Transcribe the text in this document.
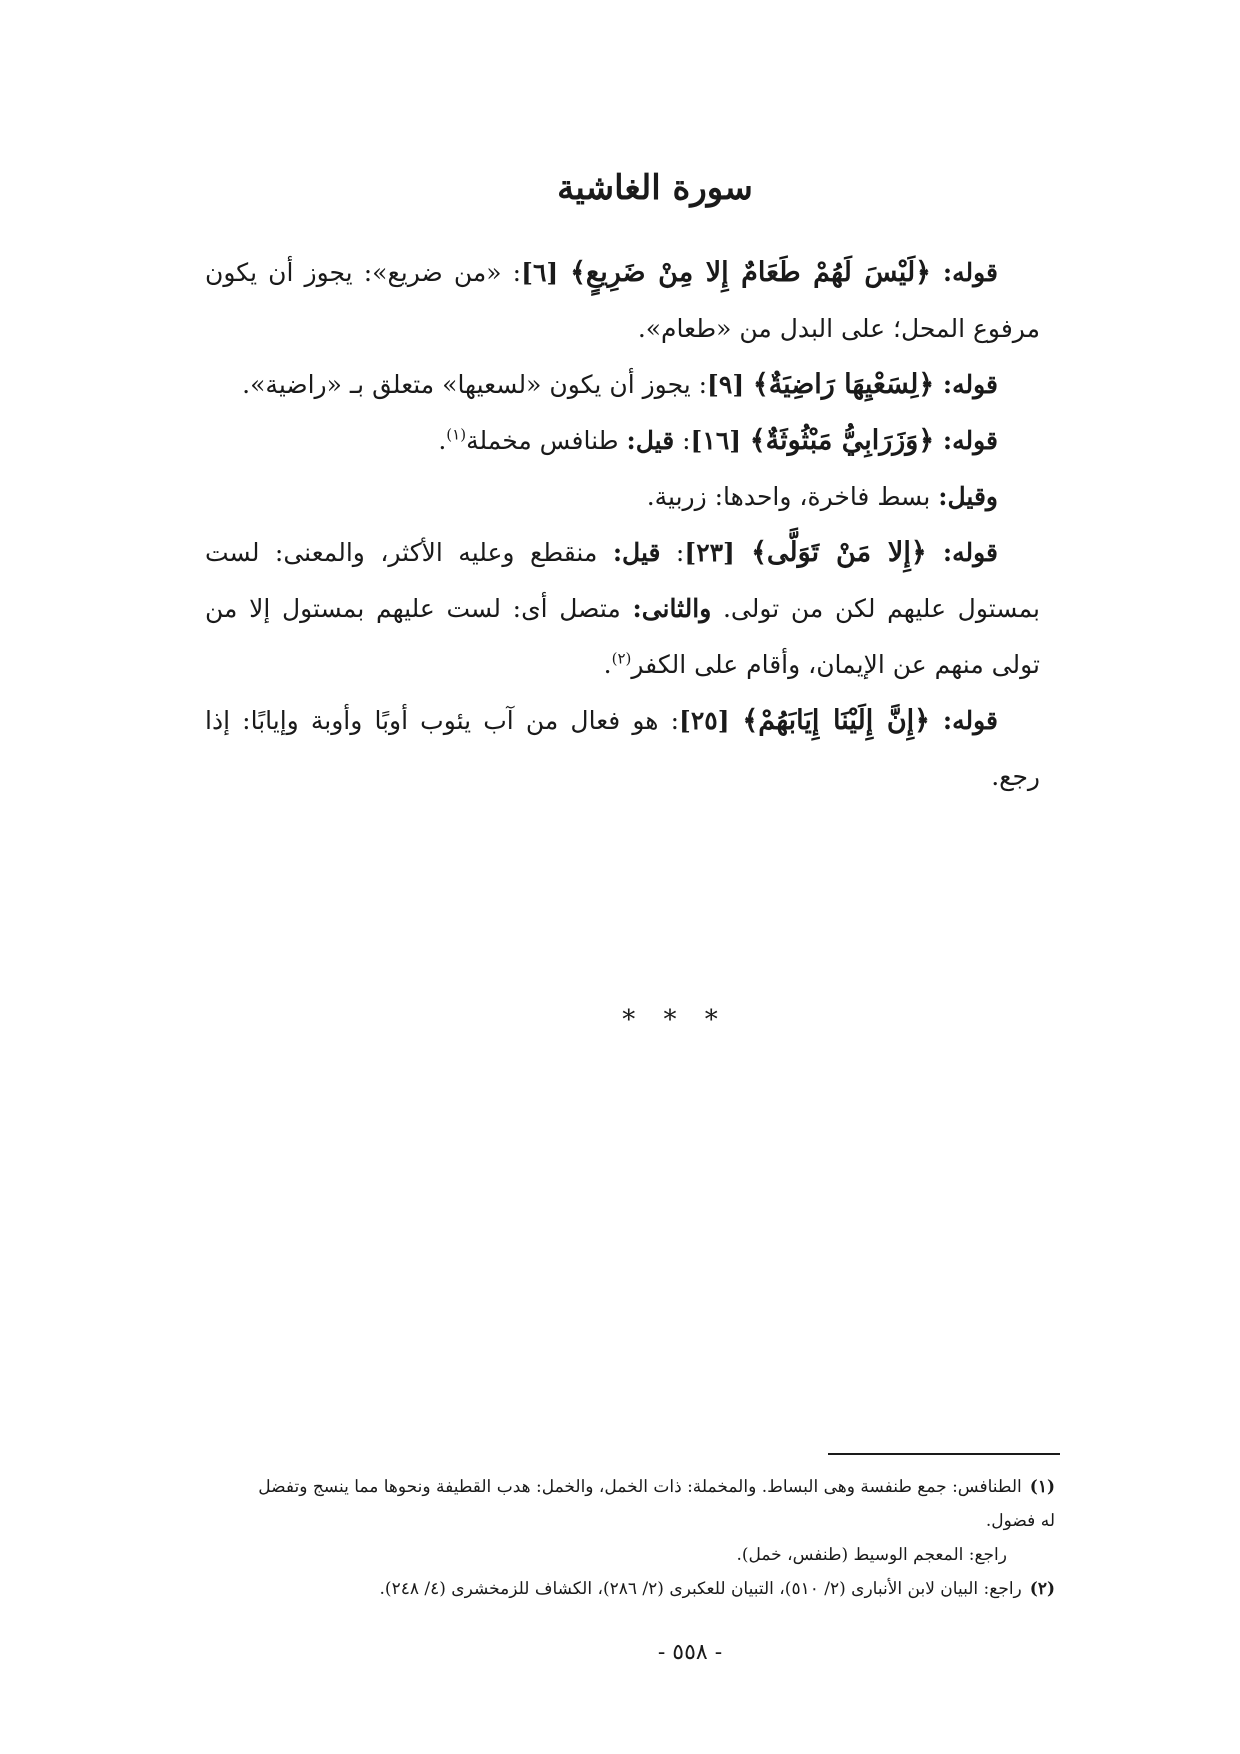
سورة الغاشية

قوله: ﴿لَيْسَ لَهُمْ طَعَامٌ إِلا مِنْ ضَرِيعٍ﴾ [٦]: «من ضريع»: يجوز أن يكون مرفوع المحل؛ على البدل من «طعام».

قوله: ﴿لِسَعْيِهَا رَاضِيَةٌ﴾ [٩]: يجوز أن يكون «لسعيها» متعلق بـ «راضية».

قوله: ﴿وَزَرَابِيُّ مَبْثُوثَةٌ﴾ [١٦]: قيل: طنافس مخملة$^{(١)}$.

وقيل: بسط فاخرة، واحدها: زربية.

قوله: ﴿إِلا مَنْ تَوَلَّى﴾ [٢٣]: قيل: منقطع وعليه الأكثر، والمعنى: لست بمستول عليهم لكن من تولى. والثانى: متصل أى: لست عليهم بمستول إلا من تولى منهم عن الإيمان، وأقام على الكفر$^{(٢)}$.

قوله: ﴿إِنَّ إِلَيْنَا إِيَابَهُمْ﴾ [٢٥]: هو فعال من آب يئوب أوبًا وأوبة وإيابًا: إذا رجع.

* * *

(١)الطنافس: جمع طنفسة وهى البساط. والمخملة: ذات الخمل، والخمل: هدب القطيفة ونحوها مما ينسج وتفضل له فضول.

راجع: المعجم الوسيط (طنفس، خمل).

(٢)راجع: البيان لابن الأنبارى (٢/ ٥١٠)، التبيان للعكبرى (٢/ ٢٨٦)، الكشاف للزمخشرى (٤/ ٢٤٨).

- ٥٥٨ -
